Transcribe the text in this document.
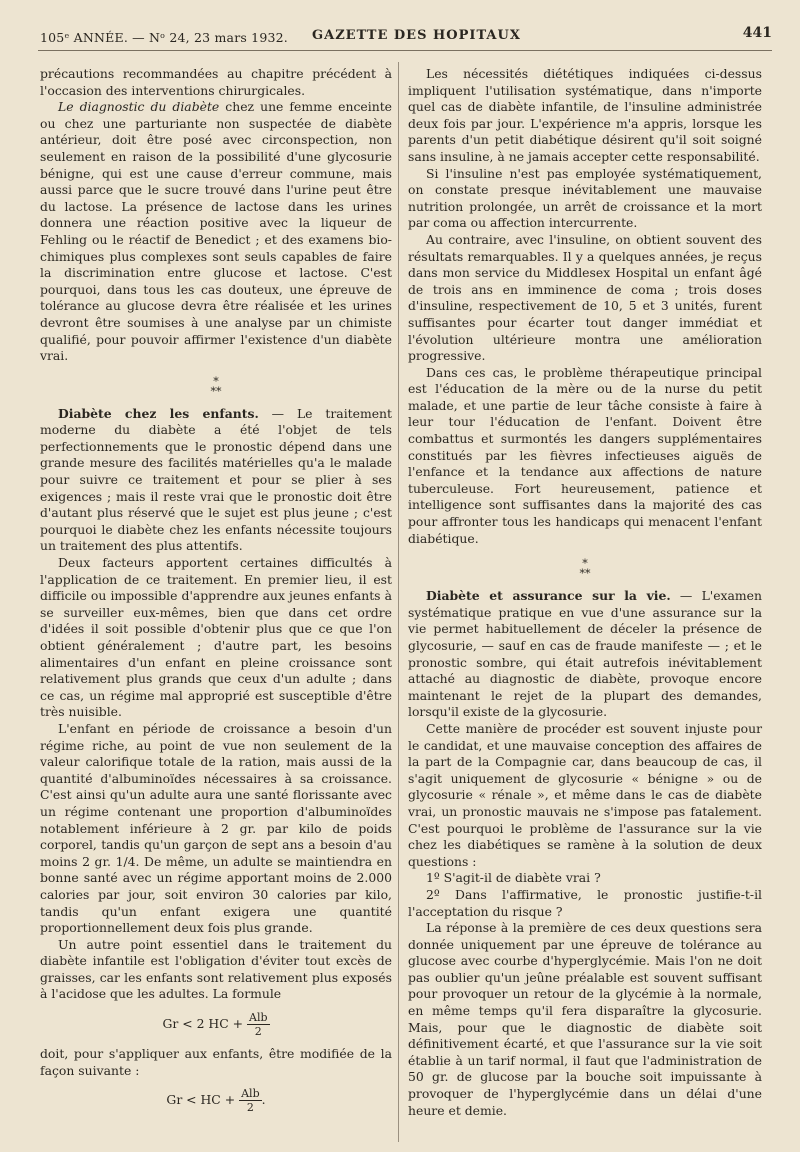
105ᵉ ANNÉE. — Nᵒ 24, 23 mars 1932. GAZETTE DES HOPITAUX	441

précautions recommandées au chapitre précédent à l'occasion des interventions chirurgicales.

Le diagnostic du diabète chez une femme enceinte ou chez une parturiante non suspectée de diabète antérieur, doit être posé avec circonspection, non seulement en raison de la possibilité d'une glycosurie bénigne, qui est une cause d'erreur commune, mais aussi parce que le sucre trouvé dans l'urine peut être du lactose. La présence de lactose dans les urines donnera une réaction positive avec la liqueur de Fehling ou le réactif de Benedict ; et des examens bio-chimiques plus complexes sont seuls capables de faire la discrimination entre glucose et lactose. C'est pourquoi, dans tous les cas douteux, une épreuve de tolérance au glucose devra être réalisée et les urines devront être soumises à une analyse par un chimiste qualifié, pour pouvoir affirmer l'existence d'un diabète vrai.

*
**

Diabète chez les enfants. — Le traitement moderne du diabète a été l'objet de tels perfectionnements que le pronostic dépend dans une grande mesure des facilités matérielles qu'a le malade pour suivre ce traitement et pour se plier à ses exigences ; mais il reste vrai que le pronostic doit être d'autant plus réservé que le sujet est plus jeune ; c'est pourquoi le diabète chez les enfants nécessite toujours un traitement des plus attentifs.

Deux facteurs apportent certaines difficultés à l'application de ce traitement. En premier lieu, il est difficile ou impossible d'apprendre aux jeunes enfants à se surveiller eux-mêmes, bien que dans cet ordre d'idées il soit possible d'obtenir plus que ce que l'on obtient généralement ; d'autre part, les besoins alimentaires d'un enfant en pleine croissance sont relativement plus grands que ceux d'un adulte ; dans ce cas, un régime mal approprié est susceptible d'être très nuisible.

L'enfant en période de croissance a besoin d'un régime riche, au point de vue non seulement de la valeur calorifique totale de la ration, mais aussi de la quantité d'albuminoïdes nécessaires à sa croissance. C'est ainsi qu'un adulte aura une santé florissante avec un régime contenant une proportion d'albuminoïdes notablement inférieure à 2 gr. par kilo de poids corporel, tandis qu'un garçon de sept ans a besoin d'au moins 2 gr. 1/4. De même, un adulte se maintiendra en bonne santé avec un régime apportant moins de 2.000 calories par jour, soit environ 30 calories par kilo, tandis qu'un enfant exigera une quantité proportionnellement deux fois plus grande.

Un autre point essentiel dans le traitement du diabète infantile est l'obligation d'éviter tout excès de graisses, car les enfants sont relativement plus exposés à l'acidose que les adultes. La formule

Gr < 2 HC + $\frac{\text{Alb}}{2}$

doit, pour s'appliquer aux enfants, être modifiée de la façon suivante :

Gr < HC + $\frac{\text{Alb}}{2}$ .

Les nécessités diététiques indiquées ci-dessus impliquent l'utilisation systématique, dans n'importe quel cas de diabète infantile, de l'insuline administrée deux fois par jour. L'expérience m'a appris, lorsque les parents d'un petit diabétique désirent qu'il soit soigné sans insuline, à ne jamais accepter cette responsabilité.

Si l'insuline n'est pas employée systématiquement, on constate presque inévitablement une mauvaise nutrition prolongée, un arrêt de croissance et la mort par coma ou affection intercurrente.

Au contraire, avec l'insuline, on obtient souvent des résultats remarquables. Il y a quelques années, je reçus dans mon service du Middlesex Hospital un enfant âgé de trois ans en imminence de coma ; trois doses d'insuline, respectivement de 10, 5 et 3 unités, furent suffisantes pour écarter tout danger immédiat et l'évolution ultérieure montra une amélioration progressive.

Dans ces cas, le problème thérapeutique principal est l'éducation de la mère ou de la nurse du petit malade, et une partie de leur tâche consiste à faire à leur tour l'éducation de l'enfant. Doivent être combattus et surmontés les dangers supplémentaires constitués par les fièvres infectieuses aiguës de l'enfance et la tendance aux affections de nature tuberculeuse. Fort heureusement, patience et intelligence sont suffisantes dans la majorité des cas pour affronter tous les handicaps qui menacent l'enfant diabétique.

*
**

Diabète et assurance sur la vie. — L'examen systématique pratique en vue d'une assurance sur la vie permet habituellement de déceler la présence de glycosurie, — sauf en cas de fraude manifeste — ; et le pronostic sombre, qui était autrefois inévitablement attaché au diagnostic de diabète, provoque encore maintenant le rejet de la plupart des demandes, lorsqu'il existe de la glycosurie.

Cette manière de procéder est souvent injuste pour le candidat, et une mauvaise conception des affaires de la part de la Compagnie car, dans beaucoup de cas, il s'agit uniquement de glycosurie « bénigne » ou de glycosurie « rénale », et même dans le cas de diabète vrai, un pronostic mauvais ne s'impose pas fatalement. C'est pourquoi le problème de l'assurance sur la vie chez les diabétiques se ramène à la solution de deux questions :

1º S'agit-il de diabète vrai ?

2º Dans l'affirmative, le pronostic justifie-t-il l'acceptation du risque ?

La réponse à la première de ces deux questions sera donnée uniquement par une épreuve de tolérance au glucose avec courbe d'hyperglycémie. Mais l'on ne doit pas oublier qu'un jeûne préalable est souvent suffisant pour provoquer un retour de la glycémie à la normale, en même temps qu'il fera disparaître la glycosurie. Mais, pour que le diagnostic de diabète soit définitivement écarté, et que l'assurance sur la vie soit établie à un tarif normal, il faut que l'administration de 50 gr. de glucose par la bouche soit impuissante à provoquer de l'hyperglycémie dans un délai d'une heure et demie.
